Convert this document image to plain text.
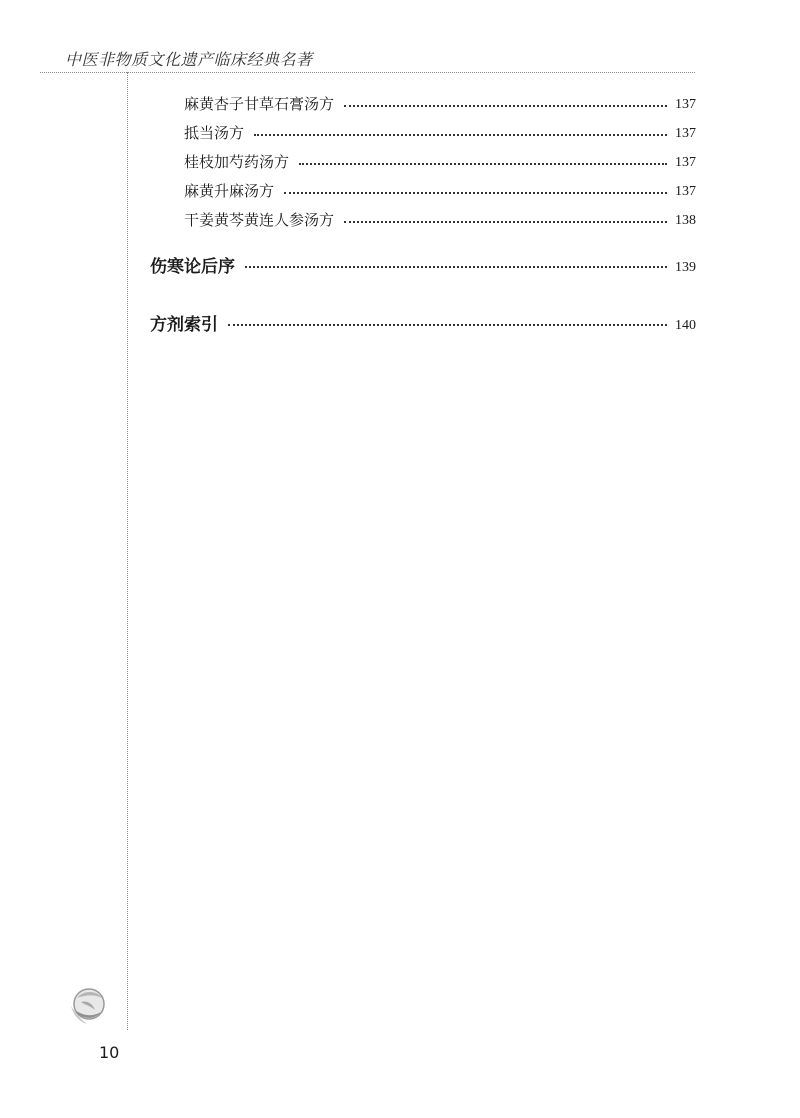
中医非物质文化遗产临床经典名著
麻黄杏子甘草石膏汤方	137
抵当汤方	137
桂枝加芍药汤方	137
麻黄升麻汤方	137
干姜黄芩黄连人参汤方	138
伤寒论后序	139
方剂索引	140
10
